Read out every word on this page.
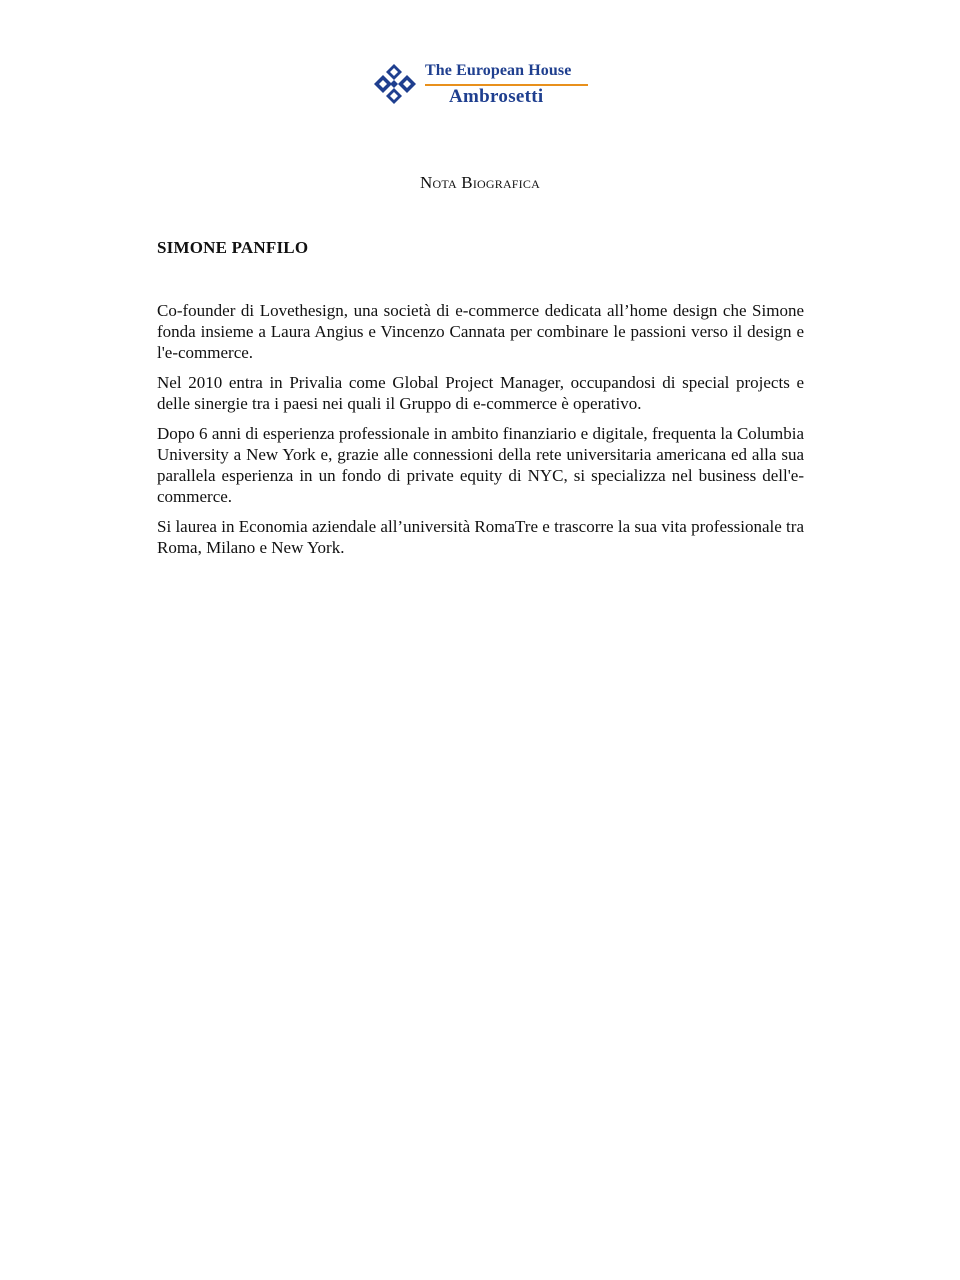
The European House
Ambrosetti
Nota Biografica
SIMONE PANFILO

Co-founder di Lovethesign, una società di e-commerce dedicata all’home design che Simone fonda insieme a Laura Angius e Vincenzo Cannata per combinare le passioni verso il design e l'e-commerce.

Nel 2010 entra in Privalia come Global Project Manager, occupandosi di special projects e delle sinergie tra i paesi nei quali il Gruppo di e-commerce è operativo.

Dopo 6 anni di esperienza professionale in ambito finanziario e digitale, frequenta la Columbia University a New York e, grazie alle connessioni della rete universitaria americana ed alla sua parallela esperienza in un fondo di private equity di NYC, si specializza nel business dell'e-commerce.

Si laurea in Economia aziendale all’università RomaTre e trascorre la sua vita professionale tra Roma, Milano e New York.
